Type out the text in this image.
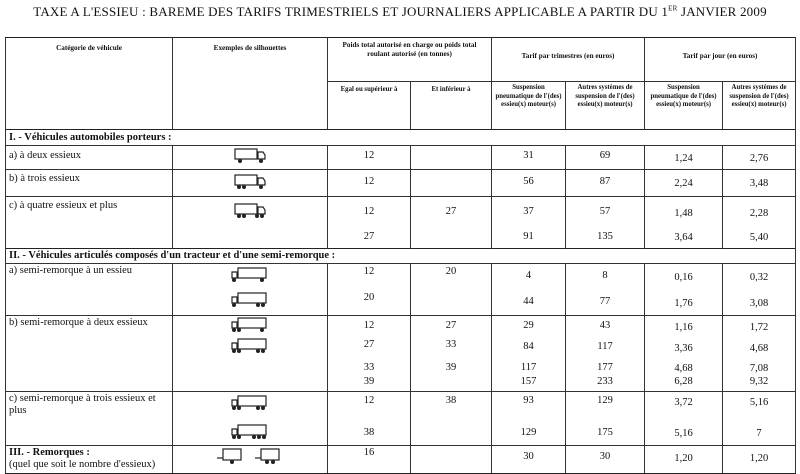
TAXE A L'ESSIEU : BAREME DES TARIFS TRIMESTRIELS ET JOURNALIERS APPLICABLE A PARTIR DU 1ER JANVIER 2009
Catégorie de véhicule	Exemples de silhouettes	Poids total autorisé en charge ou poids total roulant autorisé (en tonnes)		Tarif par trimestres (en euros)		Tarif par jour (en euros)	
		Egal ou supérieur à	Et inférieur à	Suspension pneumatique de l'(des) essieu(x) moteur(s)	Autres systèmes de suspension de l'(des) essieu(x) moteur(s)	Suspension pneumatique de l'(des) essieu(x) moteur(s)	Autres systèmes de suspension de l'(des) essieu(x) moteur(s)
I. - Véhicules automobiles porteurs :							
a) à deux essieux		12		31	69	1,24	2,76
b) à trois essieux		12		56	87	2,24	3,48
c) à quatre essieux et plus		12	27	37	57	1,48	2,28
		27		91	135	3,64	5,40
II. - Véhicules articulés composés d'un tracteur et d'une semi-remorque :							
a) semi-remorque à un essieu		12	20	4	8	0,16	0,32
		20		44	77	1,76	3,08
b) semi-remorque à deux essieux		12	27	29	43	1,16	1,72
		27	33	84	117	3,36	4,68
		33	39	117	177	4,68	7,08
		39		157	233	6,28	9,32
c) semi-remorque à trois essieux et plus		12	38	93	129	3,72	5,16
		38		129	175	5,16	7
III. - Remorques :
(quel que soit le nombre d'essieux)		16		30	30	1,20	1,20
